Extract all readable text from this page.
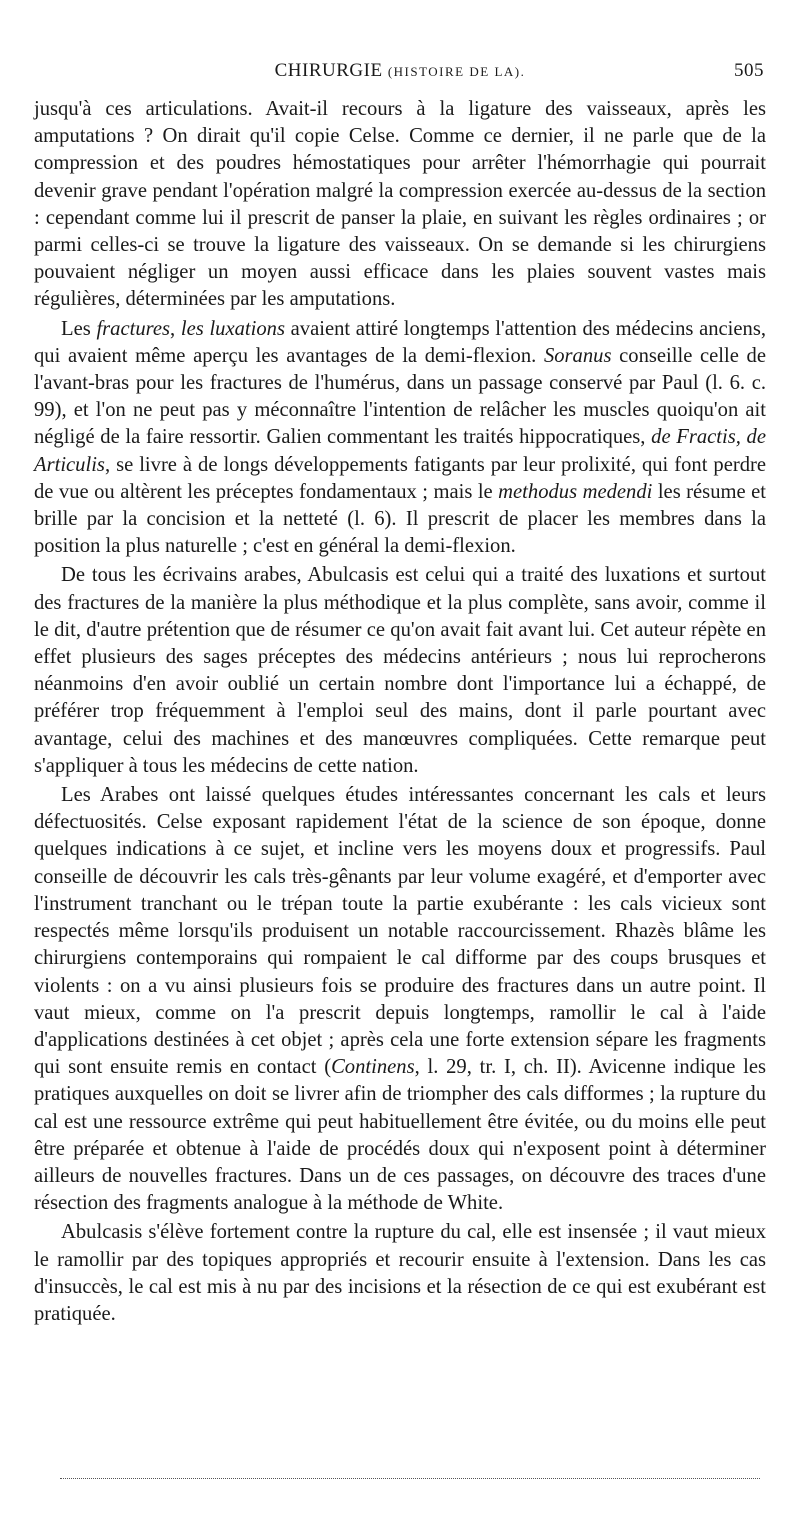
CHIRURGIE (HISTOIRE DE LA).	505

jusqu'à ces articulations. Avait-il recours à la ligature des vaisseaux, après les amputations ? On dirait qu'il copie Celse. Comme ce dernier, il ne parle que de la compression et des poudres hémostatiques pour arrêter l'hémorrhagie qui pourrait devenir grave pendant l'opération malgré la compression exercée au-dessus de la section : cependant comme lui il prescrit de panser la plaie, en suivant les règles ordinaires ; or parmi celles-ci se trouve la ligature des vaisseaux. On se demande si les chirurgiens pouvaient négliger un moyen aussi efficace dans les plaies souvent vastes mais régulières, déterminées par les amputations.

Les fractures, les luxations avaient attiré longtemps l'attention des médecins anciens, qui avaient même aperçu les avantages de la demi-flexion. Soranus conseille celle de l'avant-bras pour les fractures de l'humérus, dans un passage conservé par Paul (l. 6. c. 99), et l'on ne peut pas y méconnaître l'intention de relâcher les muscles quoiqu'on ait négligé de la faire ressortir. Galien commentant les traités hippocratiques, de Fractis, de Articulis, se livre à de longs développements fatigants par leur prolixité, qui font perdre de vue ou altèrent les préceptes fondamentaux ; mais le methodus medendi les résume et brille par la concision et la netteté (l. 6). Il prescrit de placer les membres dans la position la plus naturelle ; c'est en général la demi-flexion.

De tous les écrivains arabes, Abulcasis est celui qui a traité des luxations et surtout des fractures de la manière la plus méthodique et la plus complète, sans avoir, comme il le dit, d'autre prétention que de résumer ce qu'on avait fait avant lui. Cet auteur répète en effet plusieurs des sages préceptes des médecins antérieurs ; nous lui reprocherons néanmoins d'en avoir oublié un certain nombre dont l'importance lui a échappé, de préférer trop fréquemment à l'emploi seul des mains, dont il parle pourtant avec avantage, celui des machines et des manœuvres compliquées. Cette remarque peut s'appliquer à tous les médecins de cette nation.

Les Arabes ont laissé quelques études intéressantes concernant les cals et leurs défectuosités. Celse exposant rapidement l'état de la science de son époque, donne quelques indications à ce sujet, et incline vers les moyens doux et progressifs. Paul conseille de découvrir les cals très-gênants par leur volume exagéré, et d'emporter avec l'instrument tranchant ou le trépan toute la partie exubérante : les cals vicieux sont respectés même lorsqu'ils produisent un notable raccourcissement. Rhazès blâme les chirurgiens contemporains qui rompaient le cal difforme par des coups brusques et violents : on a vu ainsi plusieurs fois se produire des fractures dans un autre point. Il vaut mieux, comme on l'a prescrit depuis longtemps, ramollir le cal à l'aide d'applications destinées à cet objet ; après cela une forte extension sépare les fragments qui sont ensuite remis en contact (Continens, l. 29, tr. I, ch. II). Avicenne indique les pratiques auxquelles on doit se livrer afin de triompher des cals difformes ; la rupture du cal est une ressource extrême qui peut habituellement être évitée, ou du moins elle peut être préparée et obtenue à l'aide de procédés doux qui n'exposent point à déterminer ailleurs de nouvelles fractures. Dans un de ces passages, on découvre des traces d'une résection des fragments analogue à la méthode de White.

Abulcasis s'élève fortement contre la rupture du cal, elle est insensée ; il vaut mieux le ramollir par des topiques appropriés et recourir ensuite à l'extension. Dans les cas d'insuccès, le cal est mis à nu par des incisions et la résection de ce qui est exubérant est pratiquée.
